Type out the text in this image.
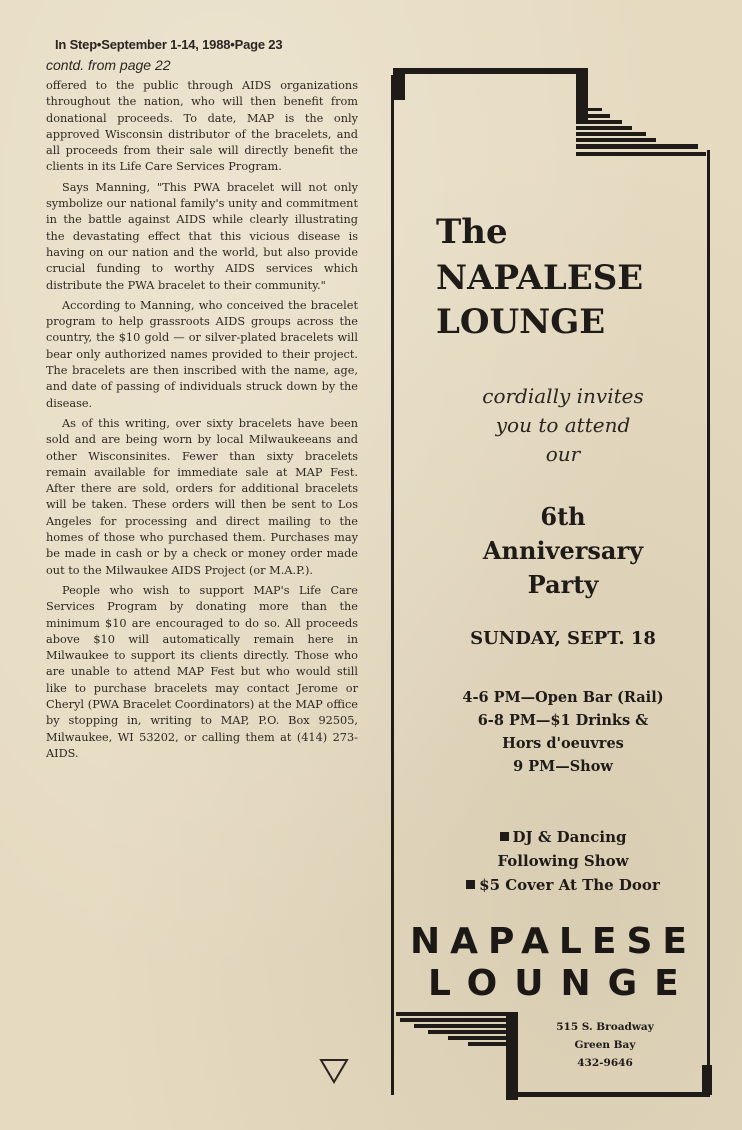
In Step•September 1-14, 1988•Page 23
contd. from page 22

offered to the public through AIDS organizations throughout the nation, who will then benefit from donational proceeds. To date, MAP is the only approved Wisconsin distributor of the bracelets, and all proceeds from their sale will directly benefit the clients in its Life Care Services Program.

Says Manning, "This PWA bracelet will not only symbolize our national family's unity and commitment in the battle against AIDS while clearly illustrating the devastating effect that this vicious disease is having on our nation and the world, but also provide crucial funding to worthy AIDS services which distribute the PWA bracelet to their community."

According to Manning, who conceived the bracelet program to help grassroots AIDS groups across the country, the $10 gold — or silver-plated bracelets will bear only authorized names provided to their project. The bracelets are then inscribed with the name, age, and date of passing of individuals struck down by the disease.

As of this writing, over sixty bracelets have been sold and are being worn by local Milwaukeeans and other Wisconsinites. Fewer than sixty bracelets remain available for immediate sale at MAP Fest. After there are sold, orders for additional bracelets will be taken. These orders will then be sent to Los Angeles for processing and direct mailing to the homes of those who purchased them. Purchases may be made in cash or by a check or money order made out to the Milwaukee AIDS Project (or M.A.P.).

People who wish to support MAP's Life Care Services Program by donating more than the minimum $10 are encouraged to do so. All proceeds above $10 will automatically remain here in Milwaukee to support its clients directly. Those who are unable to attend MAP Fest but who would still like to purchase bracelets may contact Jerome or Cheryl (PWA Bracelet Coordinators) at the MAP office by stopping in, writing to MAP, P.O. Box 92505, Milwaukee, WI 53202, or calling them at (414) 273-AIDS.

The
NAPALESE
LOUNGE
cordially invites
you to attend
our
6th
Anniversary
Party
SUNDAY, SEPT. 18
4-6 PM—Open Bar (Rail)
6-8 PM—$1 Drinks &
Hors d'oeuvres
9 PM—Show
DJ & Dancing
Following Show
$5 Cover At The Door
NAPALESE
LOUNGE
515 S. Broadway
Green Bay
432-9646
